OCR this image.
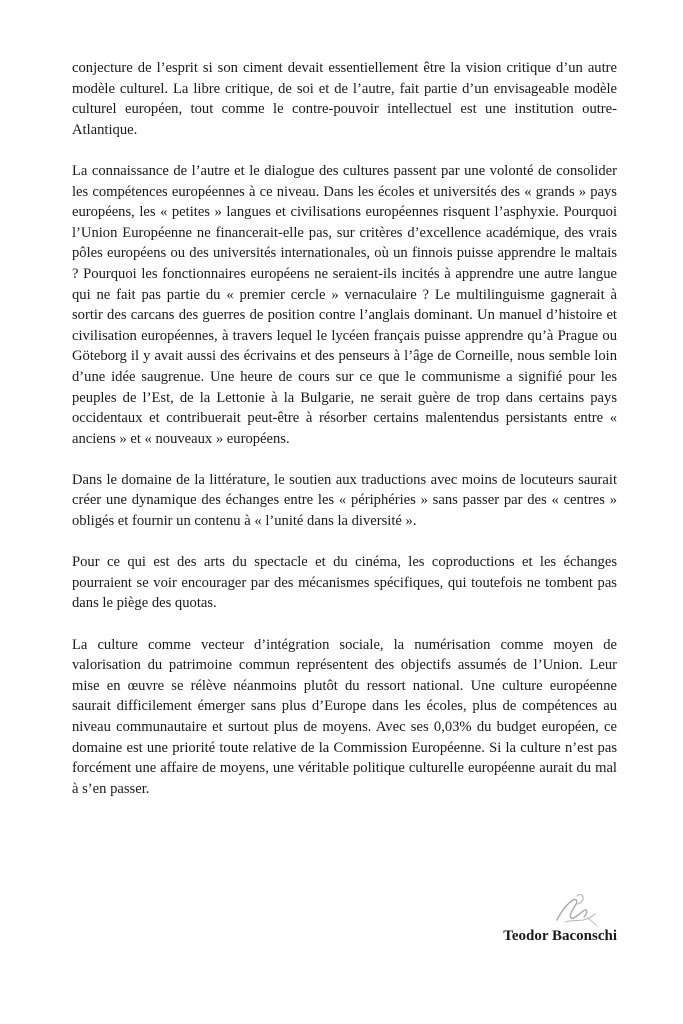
conjecture de l’esprit si son ciment devait essentiellement être la vision critique d’un autre modèle culturel. La libre critique, de soi et de l’autre, fait partie d’un envisageable modèle culturel européen, tout comme le contre-pouvoir intellectuel est une institution outre-Atlantique.

La connaissance de l’autre et le dialogue des cultures passent par une volonté de consolider les compétences européennes à ce niveau. Dans les écoles et universités des « grands » pays européens, les « petites » langues et civilisations européennes risquent l’asphyxie. Pourquoi l’Union Européenne ne financerait-elle pas, sur critères d’excellence académique, des vrais pôles européens ou des universités internationales, où un finnois puisse apprendre le maltais ? Pourquoi les fonctionnaires européens ne seraient-ils incités à apprendre une autre langue qui ne fait pas partie du « premier cercle » vernaculaire ? Le multilinguisme gagnerait à sortir des carcans des guerres de position contre l’anglais dominant. Un manuel d’histoire et civilisation européennes, à travers lequel le lycéen français puisse apprendre qu’à Prague ou Göteborg il y avait aussi des écrivains et des penseurs à l’âge de Corneille, nous semble loin d’une idée saugrenue. Une heure de cours sur ce que le communisme a signifié pour les peuples de l’Est, de la Lettonie à la Bulgarie, ne serait guère de trop dans certains pays occidentaux et contribuerait peut-être à résorber certains malentendus persistants entre « anciens » et « nouveaux » européens.

Dans le domaine de la littérature, le soutien aux traductions avec moins de locuteurs saurait créer une dynamique des échanges entre les « périphéries » sans passer par des « centres » obligés et fournir un contenu à « l’unité dans la diversité ».

Pour ce qui est des arts du spectacle et du cinéma, les coproductions et les échanges pourraient se voir encourager par des mécanismes spécifiques, qui toutefois ne tombent pas dans le piège des quotas.

La culture comme vecteur d’intégration sociale, la numérisation comme moyen de valorisation du patrimoine commun représentent des objectifs assumés de l’Union. Leur mise en œuvre se rélève néanmoins plutôt du ressort national. Une culture européenne saurait difficilement émerger sans plus d’Europe dans les écoles, plus de compétences au niveau communautaire et surtout plus de moyens. Avec ses 0,03% du budget européen, ce domaine est une priorité toute relative de la Commission Européenne. Si la culture n’est pas forcément une affaire de moyens, une véritable politique culturelle européenne aurait du mal à s’en passer.

Teodor Baconschi
